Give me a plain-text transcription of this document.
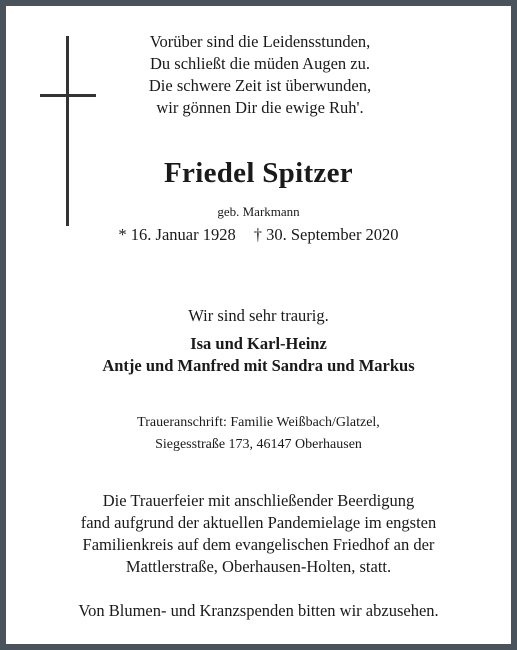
Vorüber sind die Leidensstunden,
Du schließt die müden Augen zu.
Die schwere Zeit ist überwunden,
wir gönnen Dir die ewige Ruh'.
Friedel Spitzer
geb. Markmann
* 16. Januar 1928 † 30. September 2020
Wir sind sehr traurig.
Isa und Karl-Heinz
Antje und Manfred mit Sandra und Markus
Traueranschrift: Familie Weißbach/Glatzel,
Siegesstraße 173, 46147 Oberhausen
Die Trauerfeier mit anschließender Beerdigung
fand aufgrund der aktuellen Pandemielage im engsten
Familienkreis auf dem evangelischen Friedhof an der
Mattlerstraße, Oberhausen-Holten, statt.
Von Blumen- und Kranzspenden bitten wir abzusehen.
